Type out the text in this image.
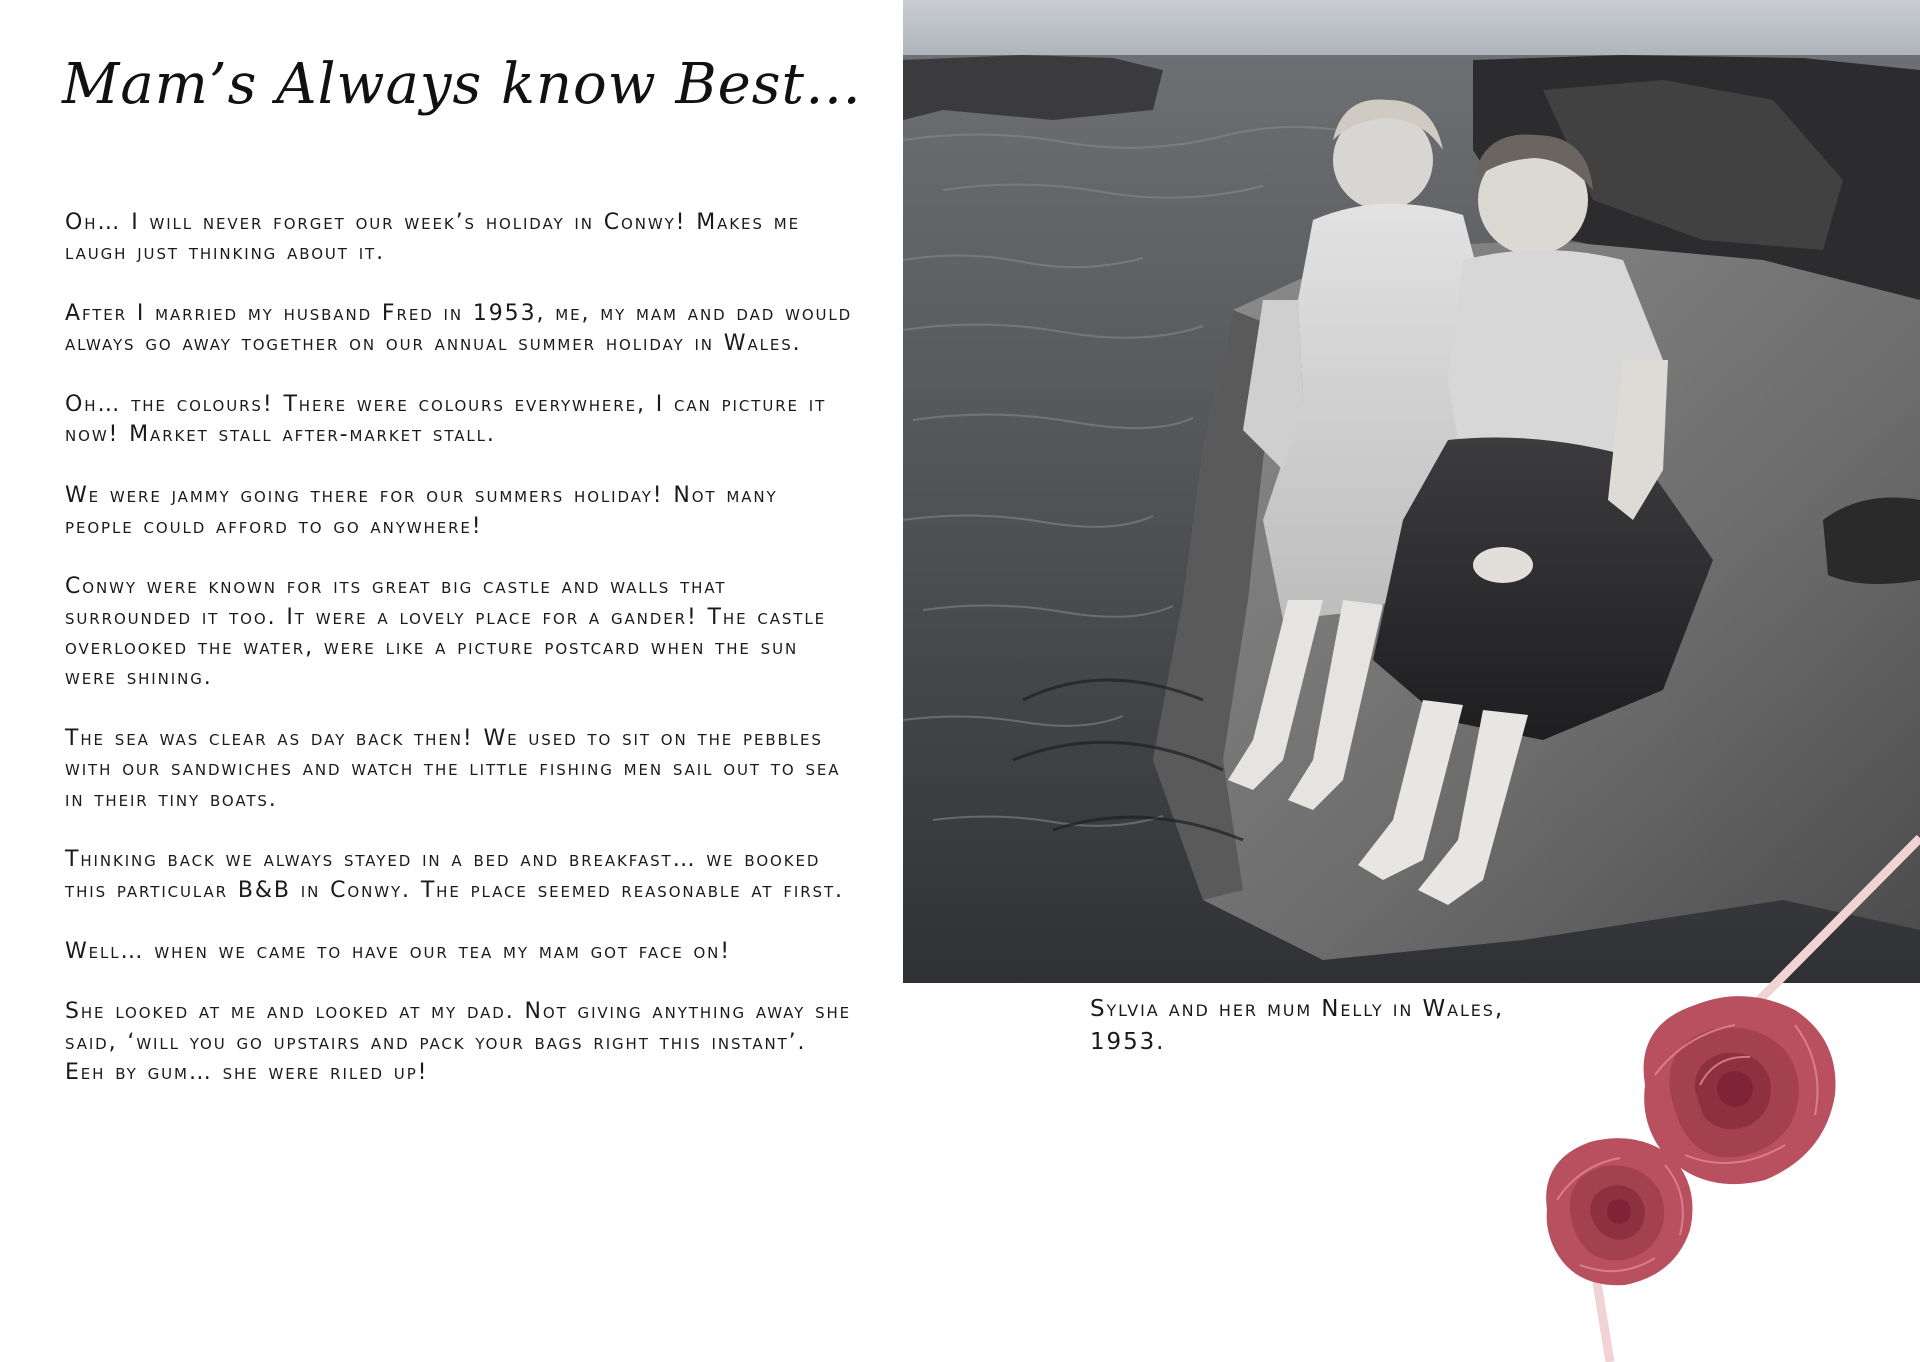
Mam’s Always know Best…

Oh… I will never forget our week’s holiday in Conwy! Makes me laugh just thinking about it.

After I married my husband Fred in 1953, me, my mam and dad would always go away together on our annual summer holiday in Wales.

Oh… the colours! There were colours everywhere, I can picture it now! Market stall after-market stall.

We were jammy going there for our summers holiday! Not many people could afford to go anywhere!

Conwy were known for its great big castle and walls that surrounded it too. It were a lovely place for a gander! The castle overlooked the water, were like a picture postcard when the sun were shining.

The sea was clear as day back then! We used to sit on the pebbles with our sandwiches and watch the little fishing men sail out to sea in their tiny boats.

Thinking back we always stayed in a bed and breakfast… we booked this particular B&B in Conwy. The place seemed reasonable at first.

Well… when we came to have our tea my mam got face on!

She looked at me and looked at my dad. Not giving anything away she said, ‘will you go upstairs and pack your bags right this instant’. Eeh by gum… she were riled up!

Sylvia and her mum Nelly in Wales, 1953.
